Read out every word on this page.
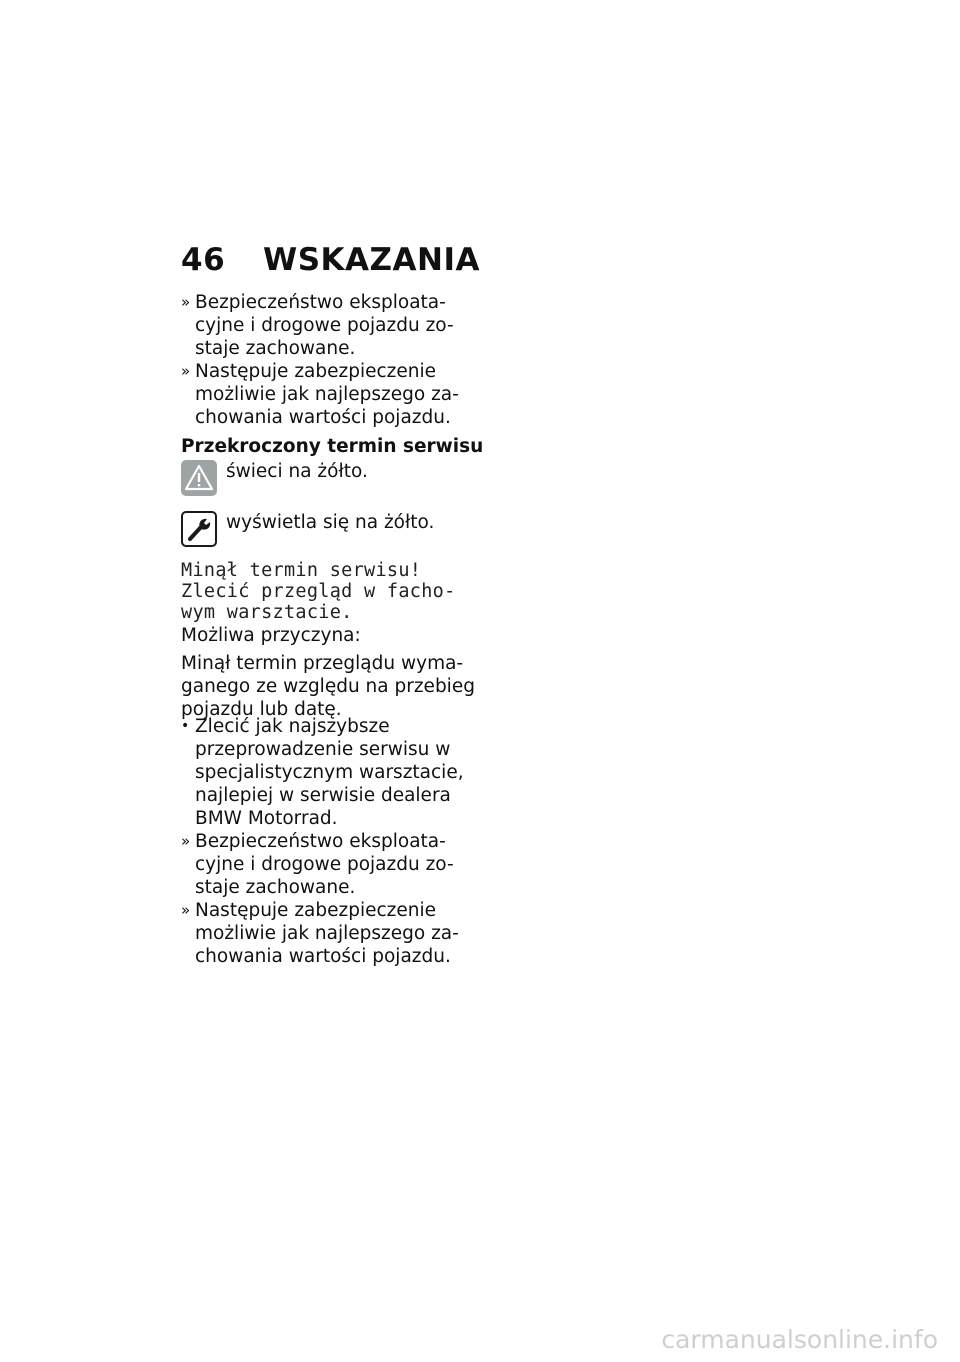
46 WSKAZANIA
» Bezpieczeństwo eksploata-
cyjne i drogowe pojazdu zo-
staje zachowane.
» Następuje zabezpieczenie
możliwie jak najlepszego za-
chowania wartości pojazdu.
Przekroczony termin serwisu
świeci na żółto.
wyświetla się na żółto.
Minął termin serwisu!
Zlecić przegląd w facho-
wym warsztacie.
Możliwa przyczyna:
Minął termin przeglądu wyma-
ganego ze względu na przebieg
pojazdu lub datę.
• Zlecić jak najszybsze
przeprowadzenie serwisu w
specjalistycznym warsztacie,
najlepiej w serwisie dealera
BMW Motorrad.
» Bezpieczeństwo eksploata-
cyjne i drogowe pojazdu zo-
staje zachowane.
» Następuje zabezpieczenie
możliwie jak najlepszego za-
chowania wartości pojazdu.
carmanualsonline.info
